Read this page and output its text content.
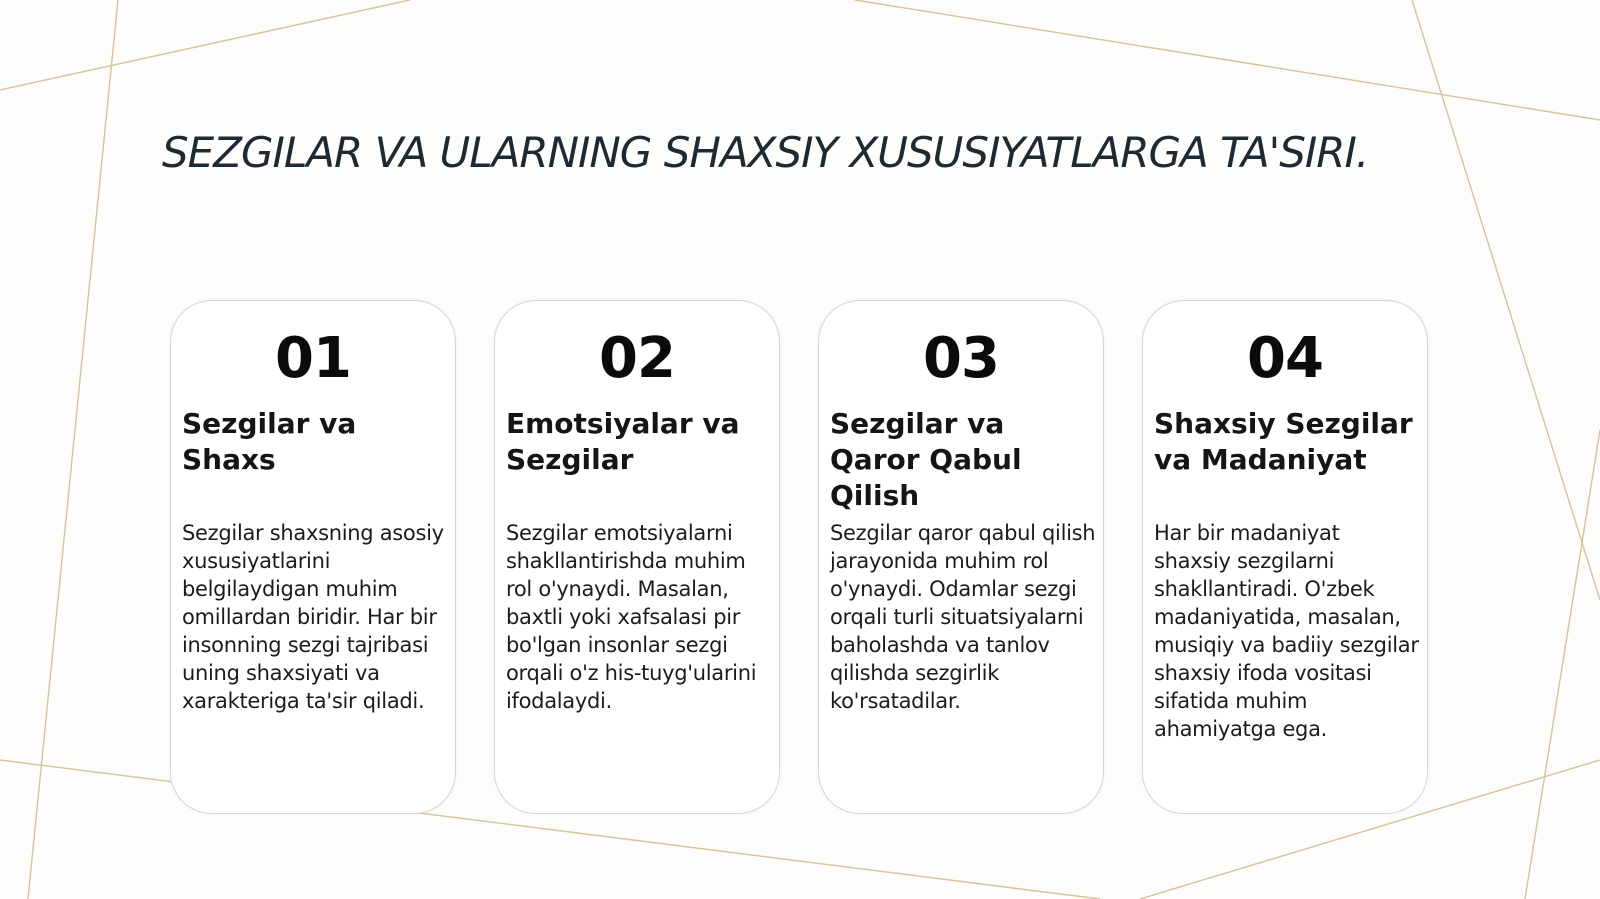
SEZGILAR VA ULARNING SHAXSIY XUSUSIYATLARGA TA'SIRI.
01
Sezgilar va Shaxs

Sezgilar shaxsning asosiy xususiyatlarini belgilaydigan muhim omillardan biridir. Har bir insonning sezgi tajribasi uning shaxsiyati va xarakteriga ta'sir qiladi.

02
Emotsiyalar va Sezgilar

Sezgilar emotsiyalarni shakllantirishda muhim rol o'ynaydi. Masalan, baxtli yoki xafsalasi pir bo'lgan insonlar sezgi orqali o'z his-tuyg'ularini ifodalaydi.

03
Sezgilar va Qaror Qabul Qilish

Sezgilar qaror qabul qilish jarayonida muhim rol o'ynaydi. Odamlar sezgi orqali turli situatsiyalarni baholashda va tanlov qilishda sezgirlik ko'rsatadilar.

04
Shaxsiy Sezgilar va Madaniyat

Har bir madaniyat shaxsiy sezgilarni shakllantiradi. O'zbek madaniyatida, masalan, musiqiy va badiiy sezgilar shaxsiy ifoda vositasi sifatida muhim ahamiyatga ega.
